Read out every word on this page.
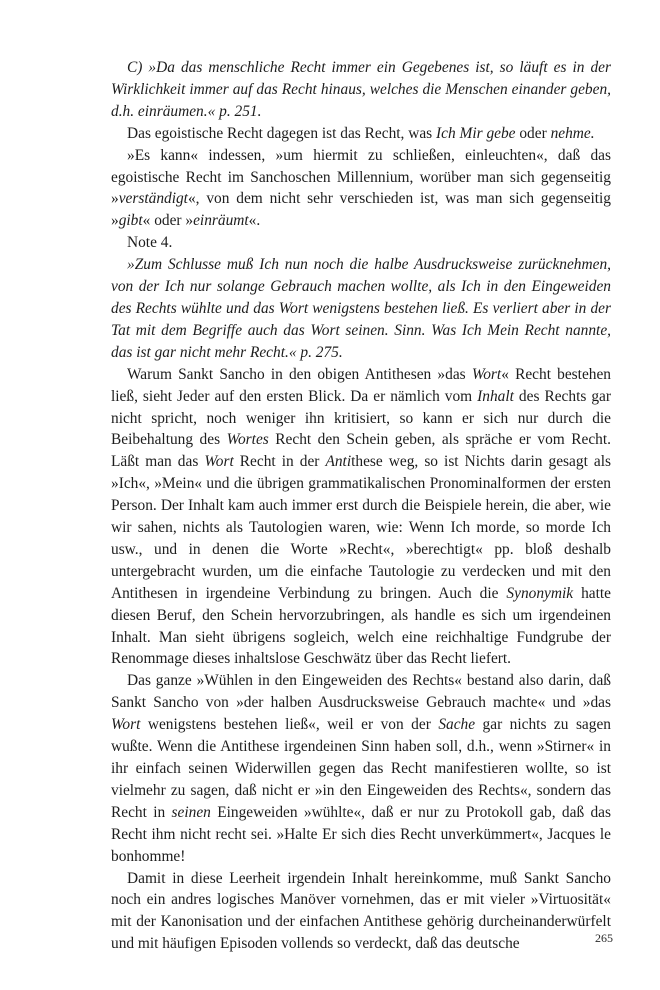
C) »Da das menschliche Recht immer ein Gegebenes ist, so läuft es in der Wirklichkeit immer auf das Recht hinaus, welches die Menschen einander geben, d.h. einräumen.« p. 251.

Das egoistische Recht dagegen ist das Recht, was Ich Mir gebe oder nehme.

»Es kann« indessen, »um hiermit zu schließen, einleuchten«, daß das egoistische Recht im Sanchoschen Millennium, worüber man sich gegenseitig »verständigt«, von dem nicht sehr verschieden ist, was man sich gegenseitig »gibt« oder »einräumt«.

Note 4.

»Zum Schlusse muß Ich nun noch die halbe Ausdrucksweise zurücknehmen, von der Ich nur solange Gebrauch machen wollte, als Ich in den Eingeweiden des Rechts wühlte und das Wort wenigstens bestehen ließ. Es verliert aber in der Tat mit dem Begriffe auch das Wort seinen. Sinn. Was Ich Mein Recht nannte, das ist gar nicht mehr Recht.« p. 275.

Warum Sankt Sancho in den obigen Antithesen »das Wort« Recht bestehen ließ, sieht Jeder auf den ersten Blick. Da er nämlich vom Inhalt des Rechts gar nicht spricht, noch weniger ihn kritisiert, so kann er sich nur durch die Beibehaltung des Wortes Recht den Schein geben, als spräche er vom Recht. Läßt man das Wort Recht in der Antithese weg, so ist Nichts darin gesagt als »Ich«, »Mein« und die übrigen grammatikalischen Pronominalformen der ersten Person. Der Inhalt kam auch immer erst durch die Beispiele herein, die aber, wie wir sahen, nichts als Tautologien waren, wie: Wenn Ich morde, so morde Ich usw., und in denen die Worte »Recht«, »berechtigt« pp. bloß deshalb untergebracht wurden, um die einfache Tautologie zu verdecken und mit den Antithesen in irgendeine Verbindung zu bringen. Auch die Synonymik hatte diesen Beruf, den Schein hervorzubringen, als handle es sich um irgendeinen Inhalt. Man sieht übrigens sogleich, welch eine reichhaltige Fundgrube der Renommage dieses inhaltslose Geschwätz über das Recht liefert.

Das ganze »Wühlen in den Eingeweiden des Rechts« bestand also darin, daß Sankt Sancho von »der halben Ausdrucksweise Gebrauch machte« und »das Wort wenigstens bestehen ließ«, weil er von der Sache gar nichts zu sagen wußte. Wenn die Antithese irgendeinen Sinn haben soll, d.h., wenn »Stirner« in ihr einfach seinen Widerwillen gegen das Recht manifestieren wollte, so ist vielmehr zu sagen, daß nicht er »in den Eingeweiden des Rechts«, sondern das Recht in seinen Eingeweiden »wühlte«, daß er nur zu Protokoll gab, daß das Recht ihm nicht recht sei. »Halte Er sich dies Recht unverkümmert«, Jacques le bonhomme!

Damit in diese Leerheit irgendein Inhalt hereinkomme, muß Sankt Sancho noch ein andres logisches Manöver vornehmen, das er mit vieler »Virtuosität« mit der Kanonisation und der einfachen Antithese gehörig durcheinanderwürfelt und mit häufigen Episoden vollends so verdeckt, daß das deutsche	265
